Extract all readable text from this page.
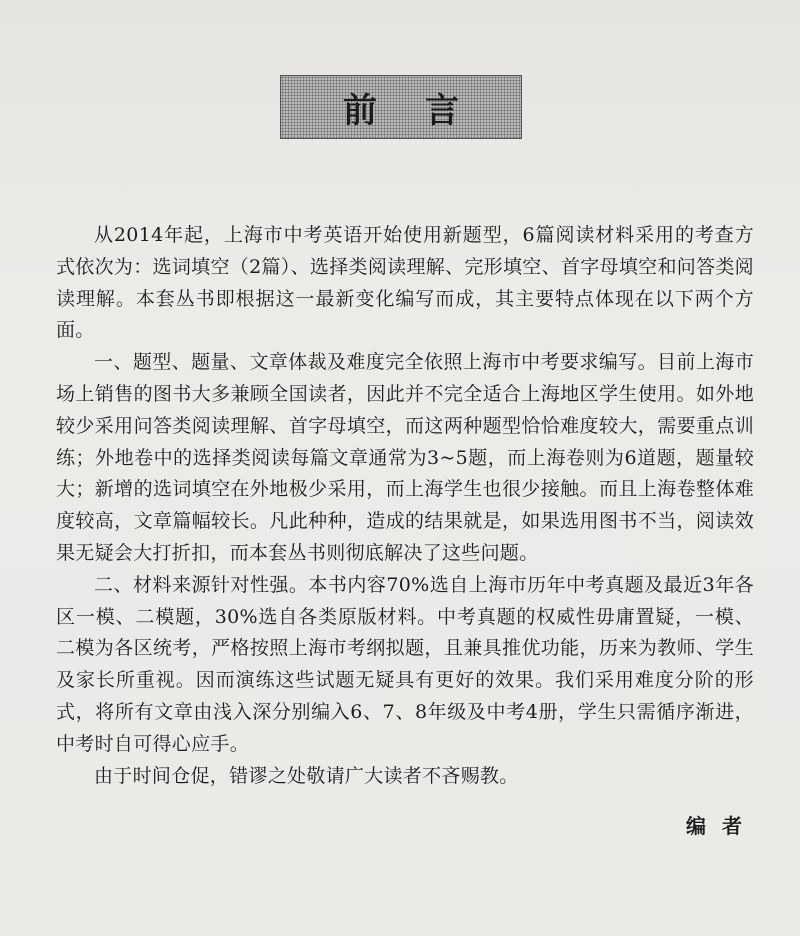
前言

从2014年起，上海市中考英语开始使用新题型，6篇阅读材料采用的考查方式依次为：选词填空（2篇）、选择类阅读理解、完形填空、首字母填空和问答类阅读理解。本套丛书即根据这一最新变化编写而成，其主要特点体现在以下两个方面。

一、题型、题量、文章体裁及难度完全依照上海市中考要求编写。目前上海市场上销售的图书大多兼顾全国读者，因此并不完全适合上海地区学生使用。如外地较少采用问答类阅读理解、首字母填空，而这两种题型恰恰难度较大，需要重点训练；外地卷中的选择类阅读每篇文章通常为3~5题，而上海卷则为6道题，题量较大；新增的选词填空在外地极少采用，而上海学生也很少接触。而且上海卷整体难度较高，文章篇幅较长。凡此种种，造成的结果就是，如果选用图书不当，阅读效果无疑会大打折扣，而本套丛书则彻底解决了这些问题。

二、材料来源针对性强。本书内容70%选自上海市历年中考真题及最近3年各区一模、二模题，30%选自各类原版材料。中考真题的权威性毋庸置疑，一模、二模为各区统考，严格按照上海市考纲拟题，且兼具推优功能，历来为教师、学生及家长所重视。因而演练这些试题无疑具有更好的效果。我们采用难度分阶的形式，将所有文章由浅入深分别编入6、7、8年级及中考4册，学生只需循序渐进，中考时自可得心应手。

由于时间仓促，错谬之处敬请广大读者不吝赐教。

编者
